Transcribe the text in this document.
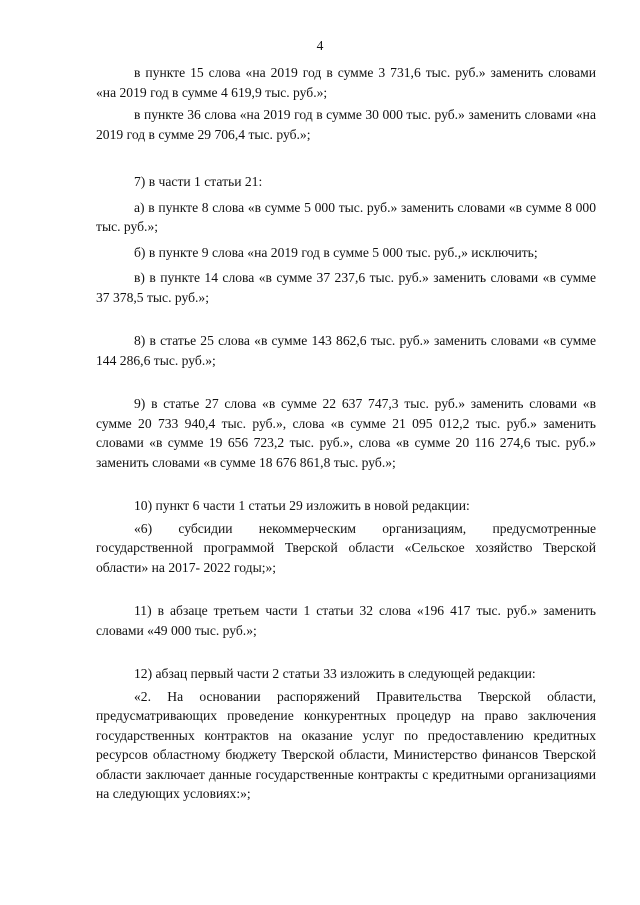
4

в пункте 15 слова «на 2019 год в сумме 3 731,6 тыс. руб.» заменить словами «на 2019 год в сумме 4 619,9 тыс. руб.»;

в пункте 36 слова «на 2019 год в сумме 30 000 тыс. руб.» заменить словами «на 2019 год в сумме 29 706,4 тыс. руб.»;

7) в части 1 статьи 21:

а) в пункте 8 слова «в сумме 5 000 тыс. руб.» заменить словами «в сумме 8 000 тыс. руб.»;

б) в пункте 9 слова «на 2019 год в сумме 5 000 тыс. руб.,» исключить;

в) в пункте 14 слова «в сумме 37 237,6 тыс. руб.» заменить словами «в сумме 37 378,5 тыс. руб.»;

8) в статье 25 слова «в сумме 143 862,6 тыс. руб.» заменить словами «в сумме 144 286,6 тыс. руб.»;

9) в статье 27 слова «в сумме 22 637 747,3 тыс. руб.» заменить словами «в сумме 20 733 940,4 тыс. руб.», слова «в сумме 21 095 012,2 тыс. руб.» заменить словами «в сумме 19 656 723,2 тыс. руб.», слова «в сумме 20 116 274,6 тыс. руб.» заменить словами «в сумме 18 676 861,8 тыс. руб.»;

10) пункт 6 части 1 статьи 29 изложить в новой редакции:

«6) субсидии некоммерческим организациям, предусмотренные государственной программой Тверской области «Сельское хозяйство Тверской области» на 2017- 2022 годы;»;

11) в абзаце третьем части 1 статьи 32 слова «196 417 тыс. руб.» заменить словами «49 000 тыс. руб.»;

12) абзац первый части 2 статьи 33 изложить в следующей редакции:

«2. На основании распоряжений Правительства Тверской области, предусматривающих проведение конкурентных процедур на право заключения государственных контрактов на оказание услуг по предоставлению кредитных ресурсов областному бюджету Тверской области, Министерство финансов Тверской области заключает данные государственные контракты с кредитными организациями на следующих условиях:»;
